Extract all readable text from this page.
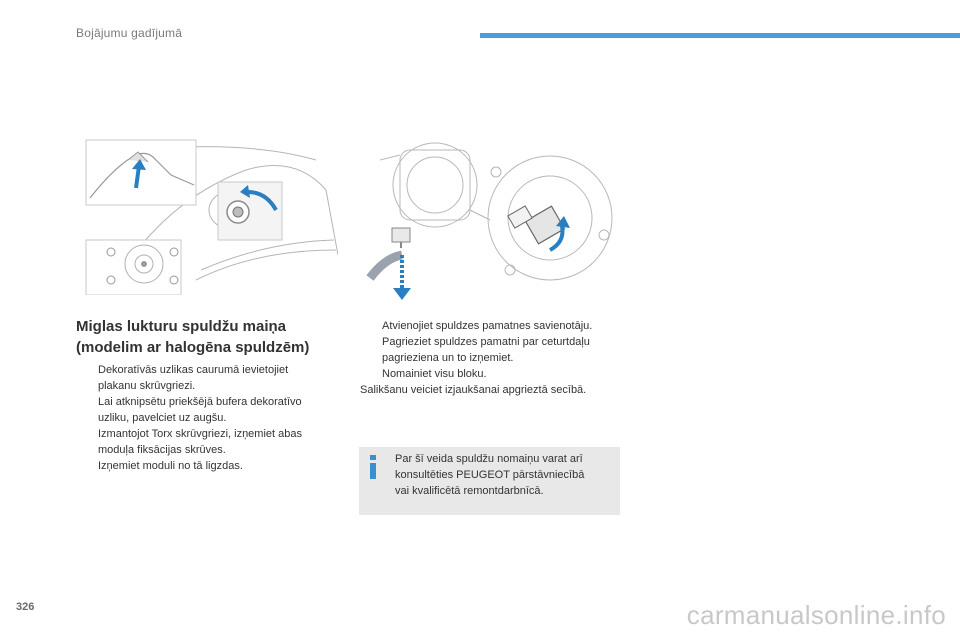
Bojājumu gadījumā
Miglas lukturu spuldžu maiņa
(modelim ar halogēna spuldzēm)
Dekoratīvās uzlikas caurumā ievietojiet
plakanu skrūvgriezi.
Lai atknipsētu priekšējā bufera dekoratīvo
uzliku, pavelciet uz augšu.
Izmantojot Torx skrūvgriezi, izņemiet abas
moduļa fiksācijas skrūves.
Izņemiet moduli no tā ligzdas.
Atvienojiet spuldzes pamatnes savienotāju.
Pagrieziet spuldzes pamatni par ceturtdaļu
pagrieziena un to izņemiet.
Nomainiet visu bloku.
Salikšanu veiciet izjaukšanai apgrieztā secībā.
Par šī veida spuldžu nomaiņu varat arī
konsultēties PEUGEOT pārstāvniecībā
vai kvalificētā remontdarbnīcā.
326	carmanualsonline.info
